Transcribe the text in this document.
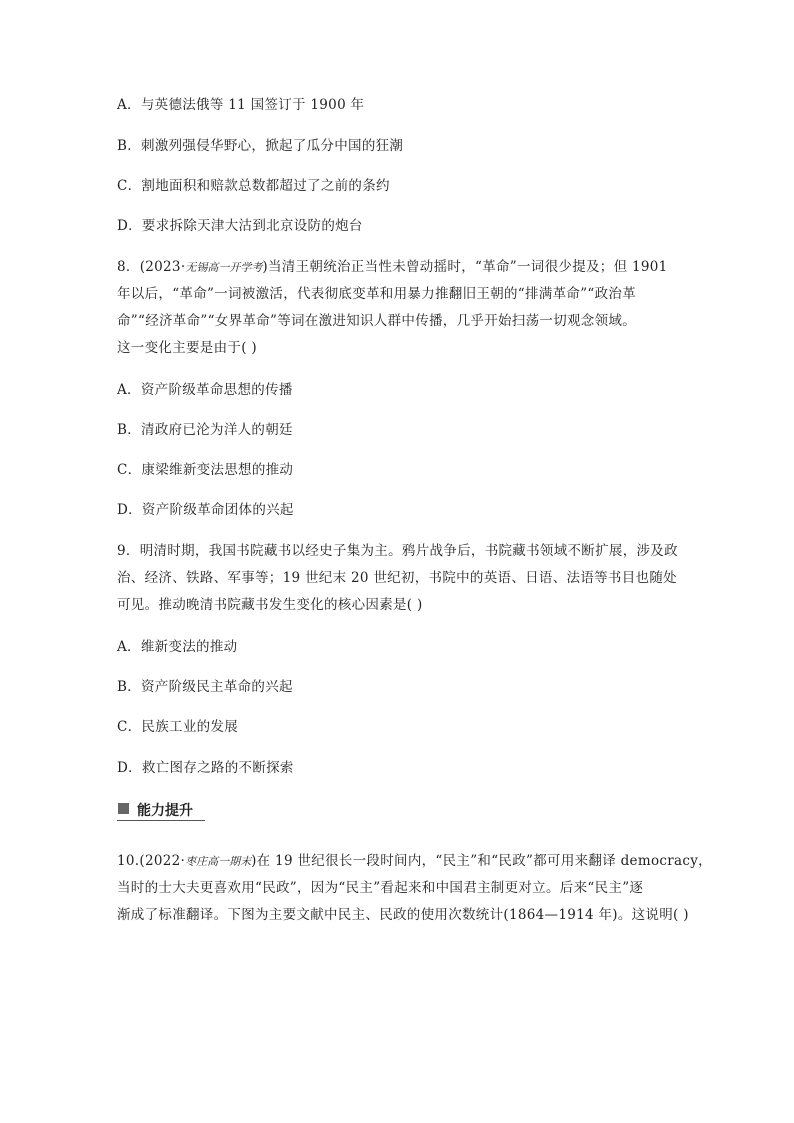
A．与英德法俄等 11 国签订于 1900 年
B．刺激列强侵华野心，掀起了瓜分中国的狂潮
C．割地面积和赔款总数都超过了之前的条约
D．要求拆除天津大沽到北京设防的炮台
8．(2023·无锡高一开学考)当清王朝统治正当性未曾动摇时，“革命”一词很少提及；但 1901
年以后，“革命”一词被激活，代表彻底变革和用暴力推翻旧王朝的“排满革命”“政治革
命”“经济革命”“女界革命”等词在激进知识人群中传播，几乎开始扫荡一切观念领域。
这一变化主要是由于( )
A．资产阶级革命思想的传播
B．清政府已沦为洋人的朝廷
C．康梁维新变法思想的推动
D．资产阶级革命团体的兴起
9．明清时期，我国书院藏书以经史子集为主。鸦片战争后，书院藏书领域不断扩展，涉及政
治、经济、铁路、军事等；19 世纪末 20 世纪初，书院中的英语、日语、法语等书目也随处
可见。推动晚清书院藏书发生变化的核心因素是( )
A．维新变法的推动
B．资产阶级民主革命的兴起
C．民族工业的发展
D．救亡图存之路的不断探索
能力提升
10.(2022·枣庄高一期末)在 19 世纪很长一段时间内，“民主”和“民政”都可用来翻译 democracy，
当时的士大夫更喜欢用“民政”，因为“民主”看起来和中国君主制更对立。后来“民主”逐
渐成了标准翻译。下图为主要文献中民主、民政的使用次数统计(1864—1914 年)。这说明( )
